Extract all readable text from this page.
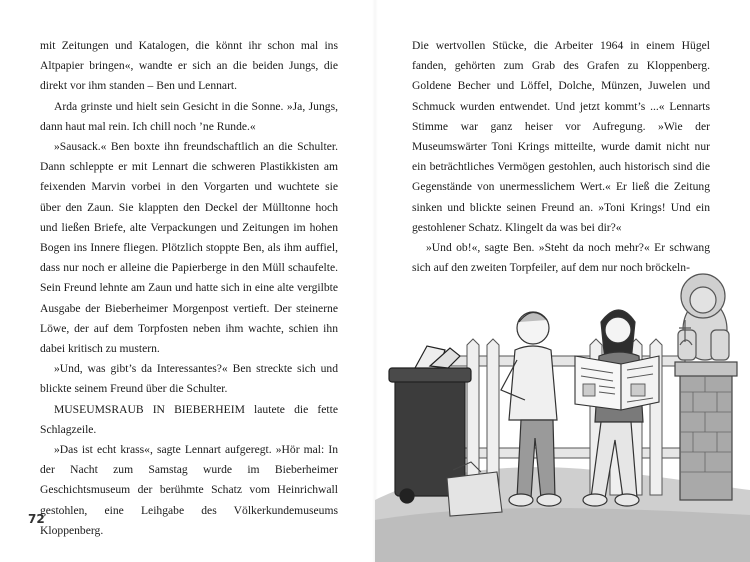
mit Zeitungen und Katalogen, die könnt ihr schon mal ins Altpapier bringen«, wandte er sich an die beiden Jungs, die direkt vor ihm standen – Ben und Lennart.

Arda grinste und hielt sein Gesicht in die Sonne. »Ja, Jungs, dann haut mal rein. Ich chill noch ’ne Runde.«

»Sausack.« Ben boxte ihn freundschaftlich an die Schulter. Dann schleppte er mit Lennart die schweren Plastikkisten am feixenden Marvin vorbei in den Vorgarten und wuchtete sie über den Zaun. Sie klappten den Deckel der Mülltonne hoch und ließen Briefe, alte Verpackungen und Zeitungen im hohen Bogen ins Innere fliegen. Plötzlich stoppte Ben, als ihm auffiel, dass nur noch er alleine die Papierberge in den Müll schaufelte. Sein Freund lehnte am Zaun und hatte sich in eine alte vergilbte Ausgabe der Bieberheimer Morgenpost vertieft. Der steinerne Löwe, der auf dem Torpfosten neben ihm wachte, schien ihn dabei kritisch zu mustern.

»Und, was gibt’s da Interessantes?« Ben streckte sich und blickte seinem Freund über die Schulter.

MUSEUMSRAUB IN BIEBERHEIM lautete die fette Schlagzeile.

»Das ist echt krass«, sagte Lennart aufgeregt. »Hör mal: In der Nacht zum Samstag wurde im Bieberheimer Geschichtsmuseum der berühmte Schatz vom Heinrichwall gestohlen, eine Leihgabe des Völkerkundemuseums Kloppenberg.

72

Die wertvollen Stücke, die Arbeiter 1964 in einem Hügel fanden, gehörten zum Grab des Grafen zu Kloppenberg. Goldene Becher und Löffel, Dolche, Münzen, Juwelen und Schmuck wurden entwendet. Und jetzt kommt’s ...« Lennarts Stimme war ganz heiser vor Aufregung. »Wie der Museumswärter Toni Krings mitteilte, wurde damit nicht nur ein beträchtliches Vermögen gestohlen, auch historisch sind die Gegenstände von unermesslichem Wert.« Er ließ die Zeitung sinken und blickte seinen Freund an. »Toni Krings! Und ein gestohlener Schatz. Klingelt da was bei dir?«

»Und ob!«, sagte Ben. »Steht da noch mehr?« Er schwang sich auf den zweiten Torpfeiler, auf dem nur noch bröckeln-
